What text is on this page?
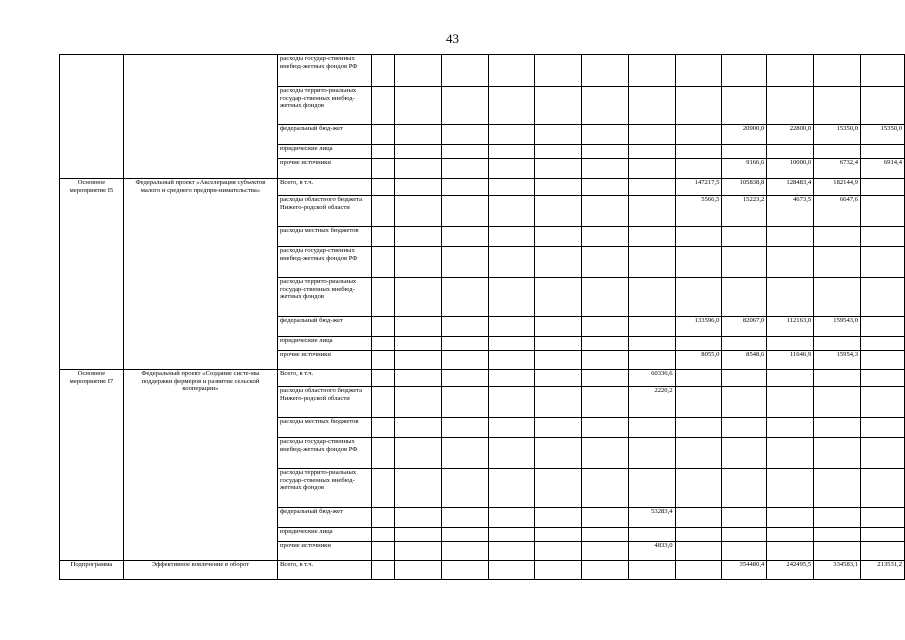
43
		расходы государ-ственных внебюд-жетных фондов РФ												
		расходы террито-риальных государ-ственных внебюд-жетных фондов												
		федеральный бюд-жет									20900,0	22800,0	15350,0	15350,0
		юридические лица												
		прочие источники									9166,6	10000,0	6732,4	6914,4
Основное мероприятие I5	Федеральный проект «Акселерация субъектов малого и среднего предпри-нимательства»	Всего, в т.ч.								147217,5	105838,8	128483,4	182144,9	
		расходы областного бюджета Нижего-родской области								5566,5	15223,2	4673,5	6647,6	
		расходы местных бюджетов												
		расходы государ-ственных внебюд-жетных фондов РФ												
		расходы террито-риальных государ-ственных внебюд-жетных фондов												
		федеральный бюд-жет								133596,0	82067,0	112163,0	159543,0	
		юридические лица												
		прочие источники								8055,0	8548,6	11646,9	15954,3	
Основное мероприятие I7	Федеральный проект «Создание систе-мы поддержки фермеров и развитие сельской кооперации»	Всего, в т.ч.							60336,6					
		расходы областного бюджета Нижего-родской области							2220,2					
		расходы местных бюджетов												
		расходы государ-ственных внебюд-жетных фондов РФ												
		расходы террито-риальных государ-ственных внебюд-жетных фондов												
		федеральный бюд-жет							53283,4					
		юридические лица												
		прочие источники							4833,0					
Подпрограмма	Эффективное вовлечение в оборот	Всего, в т.ч.									354480,4	242495,5	334583,1	213531,2
